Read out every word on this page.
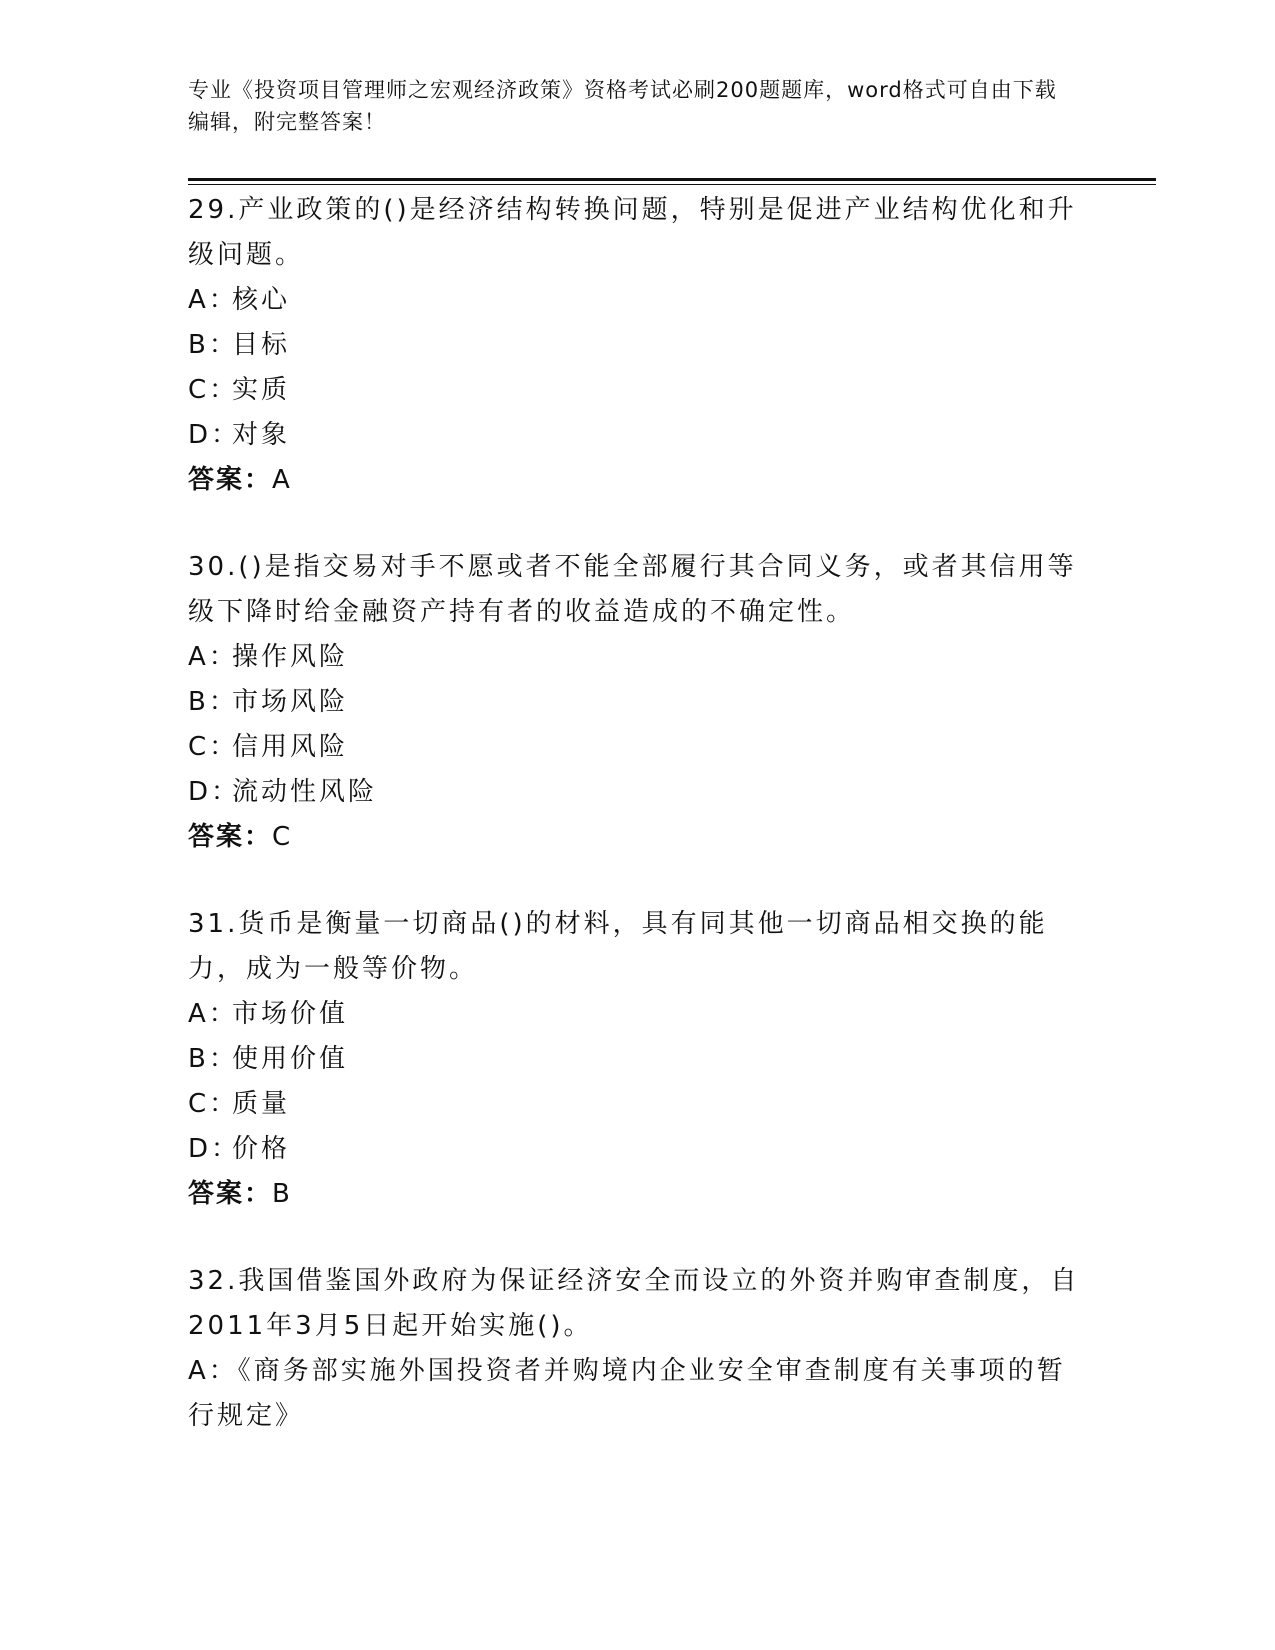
专业《投资项目管理师之宏观经济政策》资格考试必刷200题题库，word格式可自由下载编辑，附完整答案！

29.产业政策的()是经济结构转换问题，特别是促进产业结构优化和升级问题。

A：核心

B：目标

C：实质

D：对象

答案：A

30.()是指交易对手不愿或者不能全部履行其合同义务，或者其信用等级下降时给金融资产持有者的收益造成的不确定性。

A：操作风险

B：市场风险

C：信用风险

D：流动性风险

答案：C

31.货币是衡量一切商品()的材料，具有同其他一切商品相交换的能力，成为一般等价物。

A：市场价值

B：使用价值

C：质量

D：价格

答案：B

32.我国借鉴国外政府为保证经济安全而设立的外资并购审查制度，自2011年3月5日起开始实施()。

A：《商务部实施外国投资者并购境内企业安全审查制度有关事项的暂行规定》
